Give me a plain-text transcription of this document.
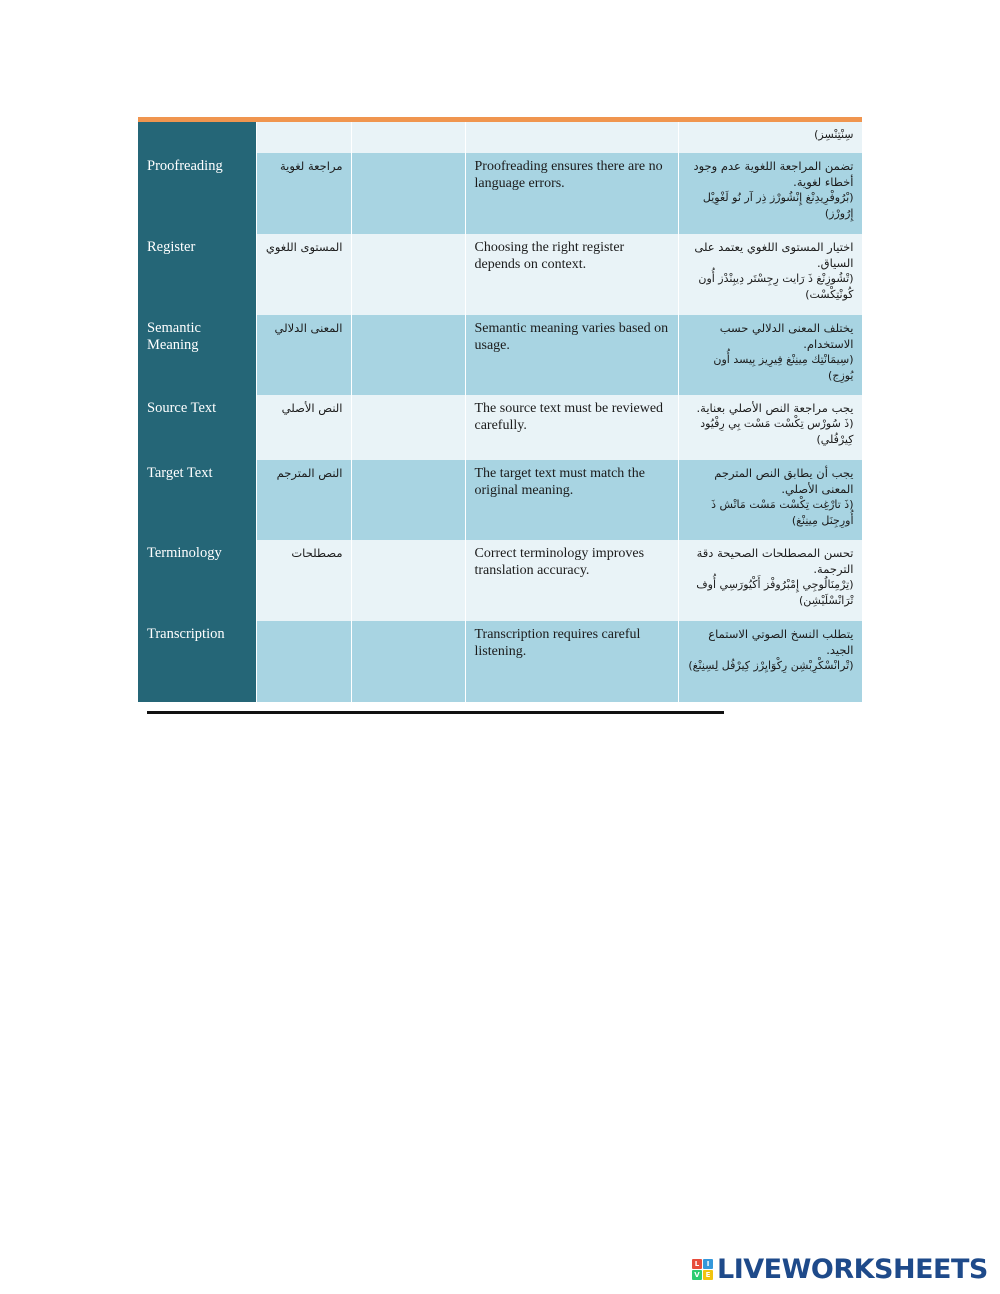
				سِنْتِنْسِز)

Proofreading	مراجعة لغوية		Proofreading ensures there are no language errors.	تضمن المراجعة اللغوية عدم وجود أخطاء لغوية.
(بْرُوفْرِيدِنْغ إِنْشُورْز ذِر آر نُو لَغْوِيْل إِرُورْز)

Register	المستوى اللغوي		Choosing the right register depends on context.	اختيار المستوى اللغوي يعتمد على السياق.
(تْشُوزِنْغ ذَ رَايت رِجِسْتَر دِيبِنْدْز أُون كُونْتِكْسْت)

Semantic Meaning	المعنى الدلالي		Semantic meaning varies based on usage.	يختلف المعنى الدلالي حسب الاستخدام.
(سِيمَانْتِك مِينِنْغ فِيرِيز بِيسد أُون يُوزِج)

Source Text	النص الأصلي		The source text must be reviewed carefully.	يجب مراجعة النص الأصلي بعناية.
(ذَ سُورْس تِكْسْت مَسْت بِي رِفْيُود كِيرْفُلي)

Target Text	النص المترجم		The target text must match the original meaning.	يجب أن يطابق النص المترجم المعنى الأصلي.
(ذَ تارْغِت تِكْسْت مَسْت مَاتْش ذَ أُورِجِنَل مِينِنْغ)

Terminology	مصطلحات		Correct terminology improves translation accuracy.	تحسن المصطلحات الصحيحة دقة الترجمة.
(تِرْمِنَالُوجِي إِمْبْرُوفْز أَكْيُورَسِي أُوف تْرَانْسْلَيْشِن)

Transcription			Transcription requires careful listening.	يتطلب النسخ الصوتي الاستماع الجيد.
(تْرانْسْكْرِبْشِن رِكْوَايِرْز كِيرْفُل لِسِنِنْغ)
L	I
V E LIVEWORKSHEETS
